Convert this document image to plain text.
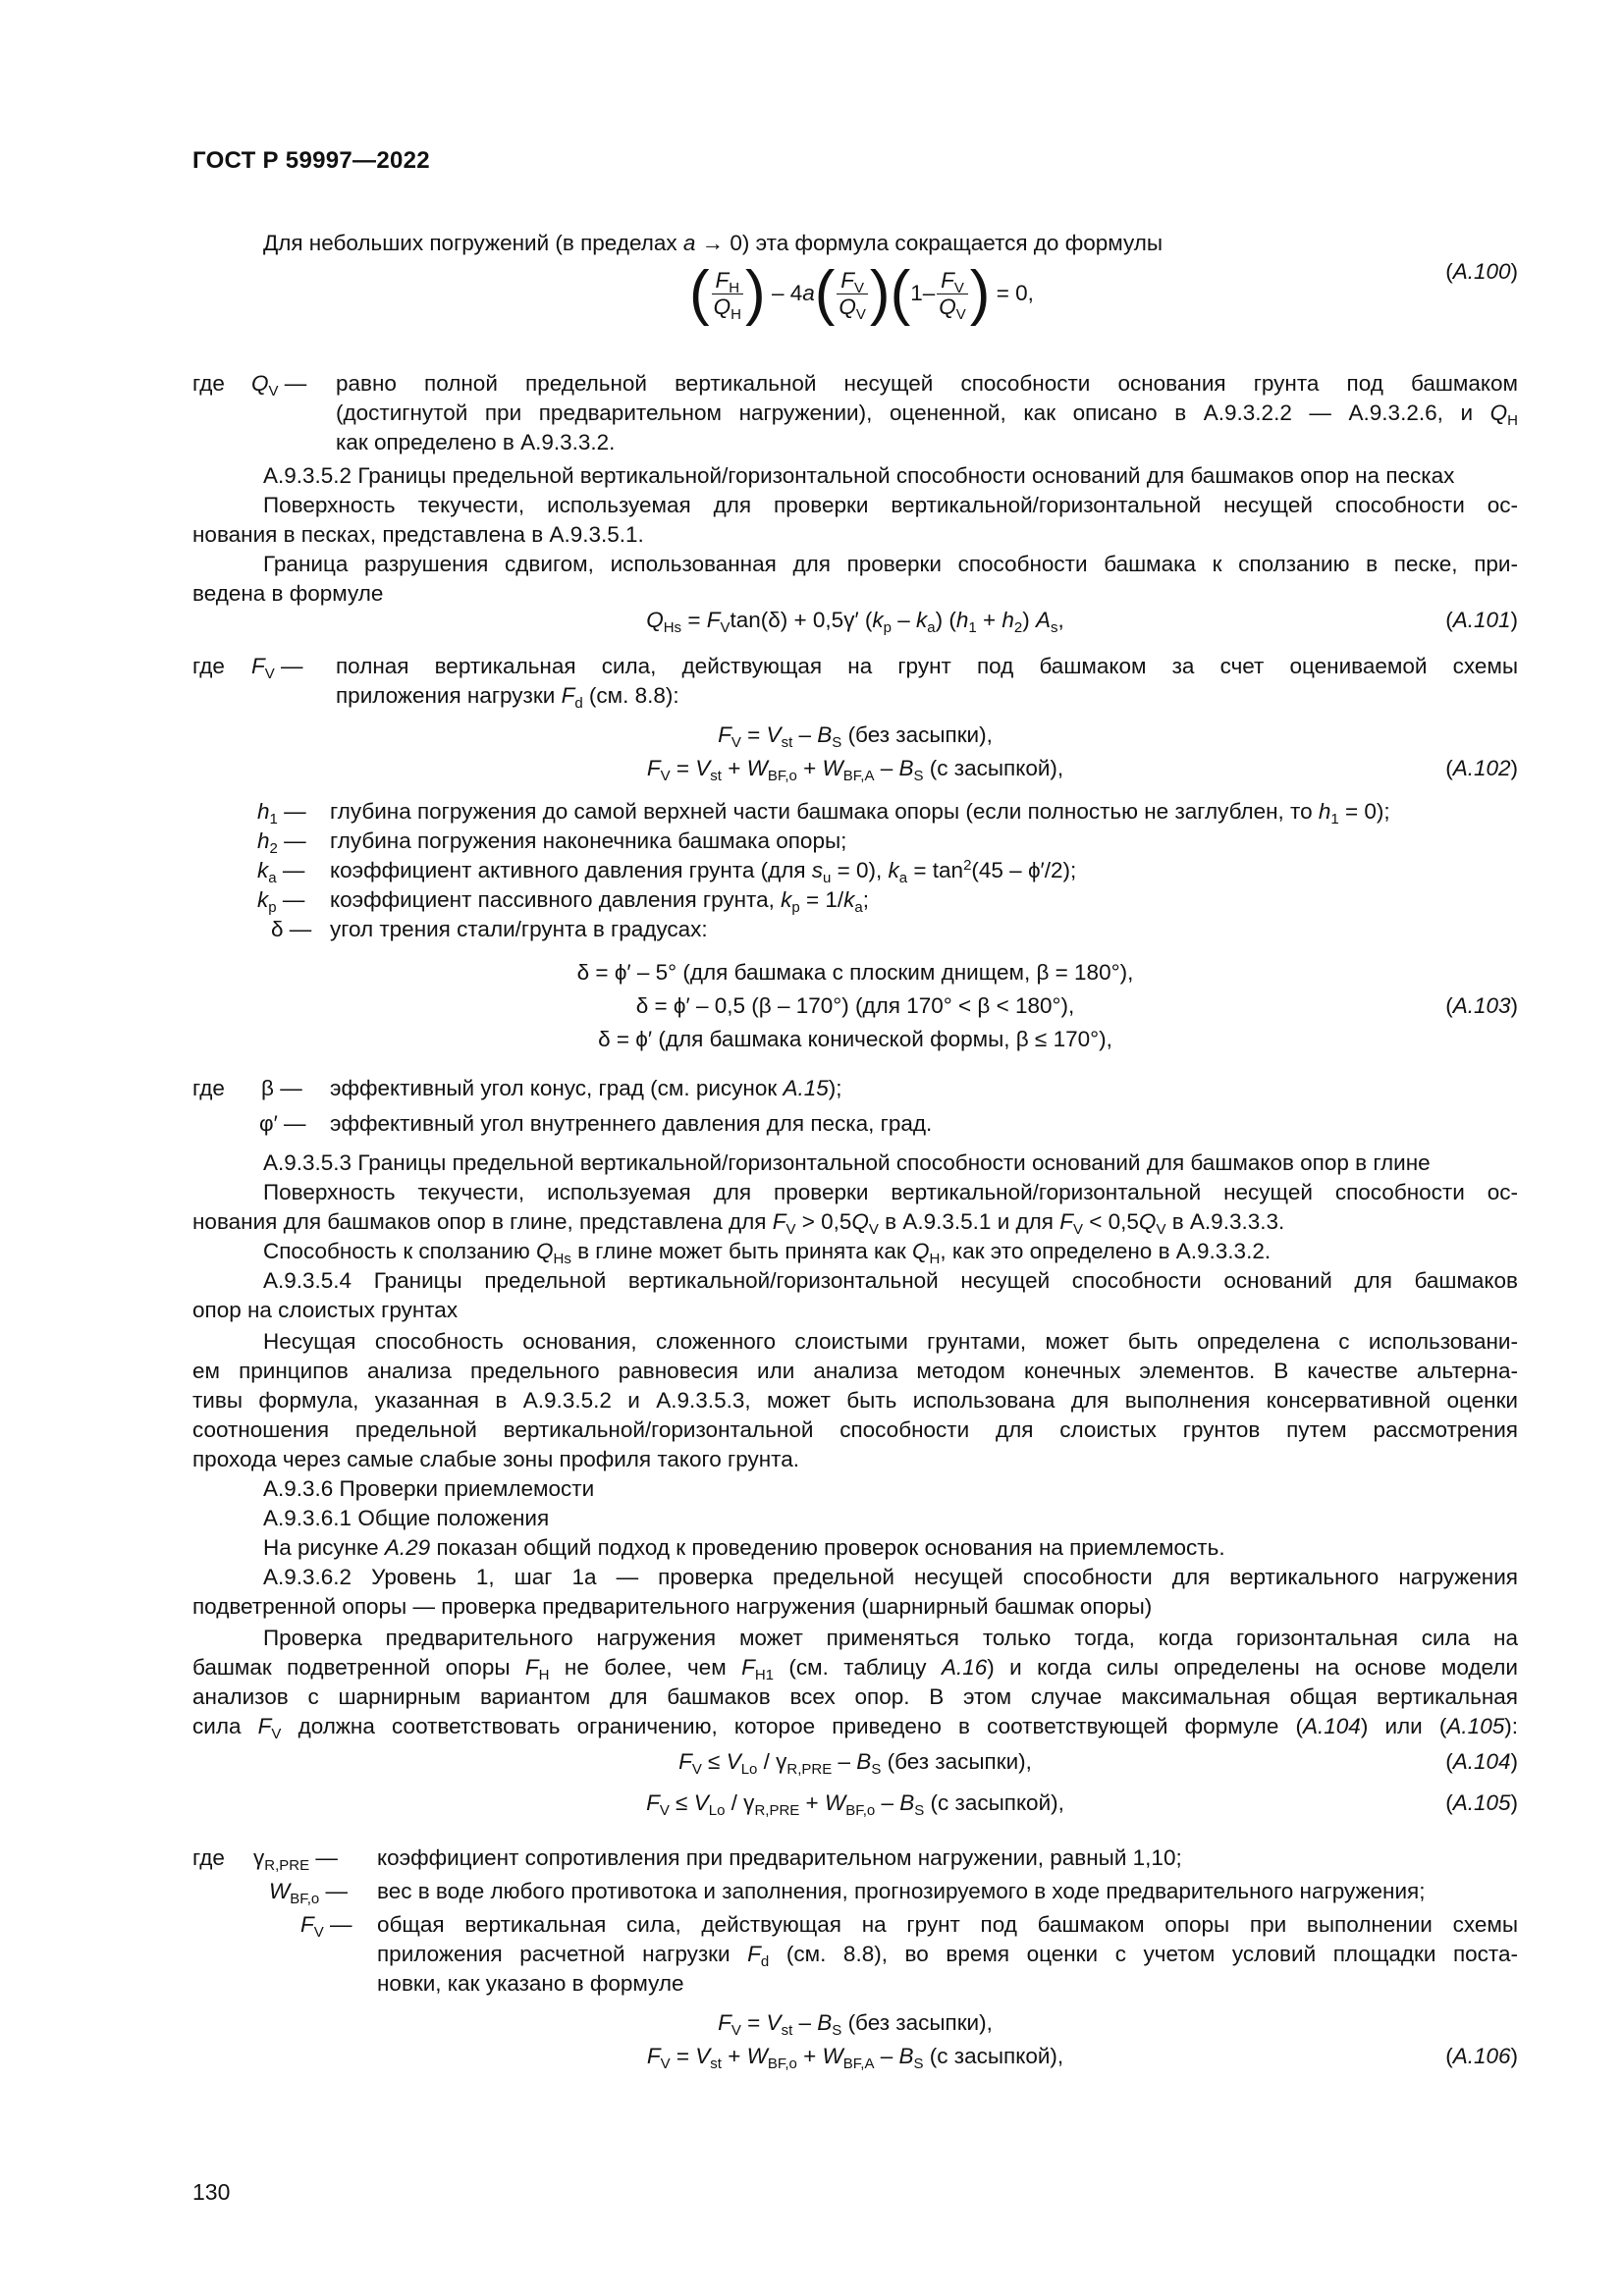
ГОСТ Р 59997—2022
Для небольших погружений (в пределах a → 0) эта формула сокращается до формулы
( $\frac{F_H}{Q_H}$ ) – $4a( \frac{F_V}{Q_V} )(1- \frac{F_V}{Q_V}$ ) = 0,
(A.100)
где $Q_V$ — равно полной предельной вертикальной несущей способности основания грунта под башмаком
(достигнутой при предварительном нагружении), оцененной, как описано в А.9.3.2.2 — А.9.3.2.6, и $Q_H$
как определено в А.9.3.3.2.
А.9.3.5.2 Границы предельной вертикальной/горизонтальной способности оснований для башмаков опор на песках
Поверхность текучести, используемая для проверки вертикальной/горизонтальной несущей способности ос-
нования в песках, представлена в А.9.3.5.1.
Граница разрушения сдвигом, использованная для проверки способности башмака к сползанию в песке, при-
ведена в формуле
$Q_{Hs} = F_V\tan(\delta) + 0,5\gamma'$ $(k_p - k_a) (h_1 + h_2)$ $A_s$,	(A.101)
где $F_V$ — полная вертикальная сила, действующая на грунт под башмаком за счет оцениваемой схемы
приложения нагрузки $F_d$ (см. 8.8):
$F_V = V_{st} - B_S$ (без засыпки),
$F_V = V_{st} + W_{BF,o} + W_{BF,A} - B_S$ (с засыпкой),	(A.102)
$h_1$ — глубина погружения до самой верхней части башмака опоры (если полностью не заглублен, то $h_1 = 0$);
$h_2$ — глубина погружения наконечника башмака опоры;
$k_a$ — коэффициент активного давления грунта (для $s_u = 0$), $k_a = \tan^2(45 - \phi'/2)$;
$k_p$ — коэффициент пассивного давления грунта, $k_p = 1/k_a$;
δ — угол трения стали/грунта в градусах:
δ = ϕ′ – 5° (для башмака с плоским днищем, β = 180°),
δ = ϕ′ – 0,5 (β – 170°) (для 170° < β < 180°),	(A.103)
δ = ϕ′ (для башмака конической формы, β ≤ 170°),
где β — эффективный угол конус, град (см. рисунок A.15);
φ′ — эффективный угол внутреннего давления для песка, град.
А.9.3.5.3 Границы предельной вертикальной/горизонтальной способности оснований для башмаков опор в глине
Поверхность текучести, используемая для проверки вертикальной/горизонтальной несущей способности ос-
нования для башмаков опор в глине, представлена для $F_V > 0,5Q_V$ в А.9.3.5.1 и для $F_V < 0,5Q_V$ в А.9.3.3.3.
Способность к сползанию $Q_{Hs}$ в глине может быть принята как $Q_H$, как это определено в А.9.3.3.2.
А.9.3.5.4 Границы предельной вертикальной/горизонтальной несущей способности оснований для башмаков
опор на слоистых грунтах
Несущая способность основания, сложенного слоистыми грунтами, может быть определена с использовани-
ем принципов анализа предельного равновесия или анализа методом конечных элементов. В качестве альтерна-
тивы формула, указанная в А.9.3.5.2 и А.9.3.5.3, может быть использована для выполнения консервативной оценки
соотношения предельной вертикальной/горизонтальной способности для слоистых грунтов путем рассмотрения
прохода через самые слабые зоны профиля такого грунта.
А.9.3.6 Проверки приемлемости
А.9.3.6.1 Общие положения
На рисунке A.29 показан общий подход к проведению проверок основания на приемлемость.
А.9.3.6.2 Уровень 1, шаг 1а — проверка предельной несущей способности для вертикального нагружения
подветренной опоры — проверка предварительного нагружения (шарнирный башмак опоры)
Проверка предварительного нагружения может применяться только тогда, когда горизонтальная сила на
башмак подветренной опоры $F_H$ не более, чем $F_{H1}$ (см. таблицу A.16) и когда силы определены на основе модели
анализов с шарнирным вариантом для башмаков всех опор. В этом случае максимальная общая вертикальная
сила $F_V$ должна соответствовать ограничению, которое приведено в соответствующей формуле (A.104) или (A.105):
$F_V \le V_{Lo} / \gamma_{R,PRE} - B_S$ (без засыпки),	(A.104)
$F_V \le V_{Lo} / \gamma_{R,PRE} + W_{BF,o} - B_S$ (с засыпкой),	(A.105)
где $\gamma_{R,PRE}$ — коэффициент сопротивления при предварительном нагружении, равный 1,10;
$W_{BF,o}$ — вес в воде любого противотока и заполнения, прогнозируемого в ходе предварительного нагружения;
$F_V$ — общая вертикальная сила, действующая на грунт под башмаком опоры при выполнении схемы
приложения расчетной нагрузки $F_d$ (см. 8.8), во время оценки с учетом условий площадки поста-
новки, как указано в формуле
$F_V = V_{st} - B_S$ (без засыпки),
$F_V = V_{st} + W_{BF,o} + W_{BF,A} - B_S$ (с засыпкой),	(A.106)
130
